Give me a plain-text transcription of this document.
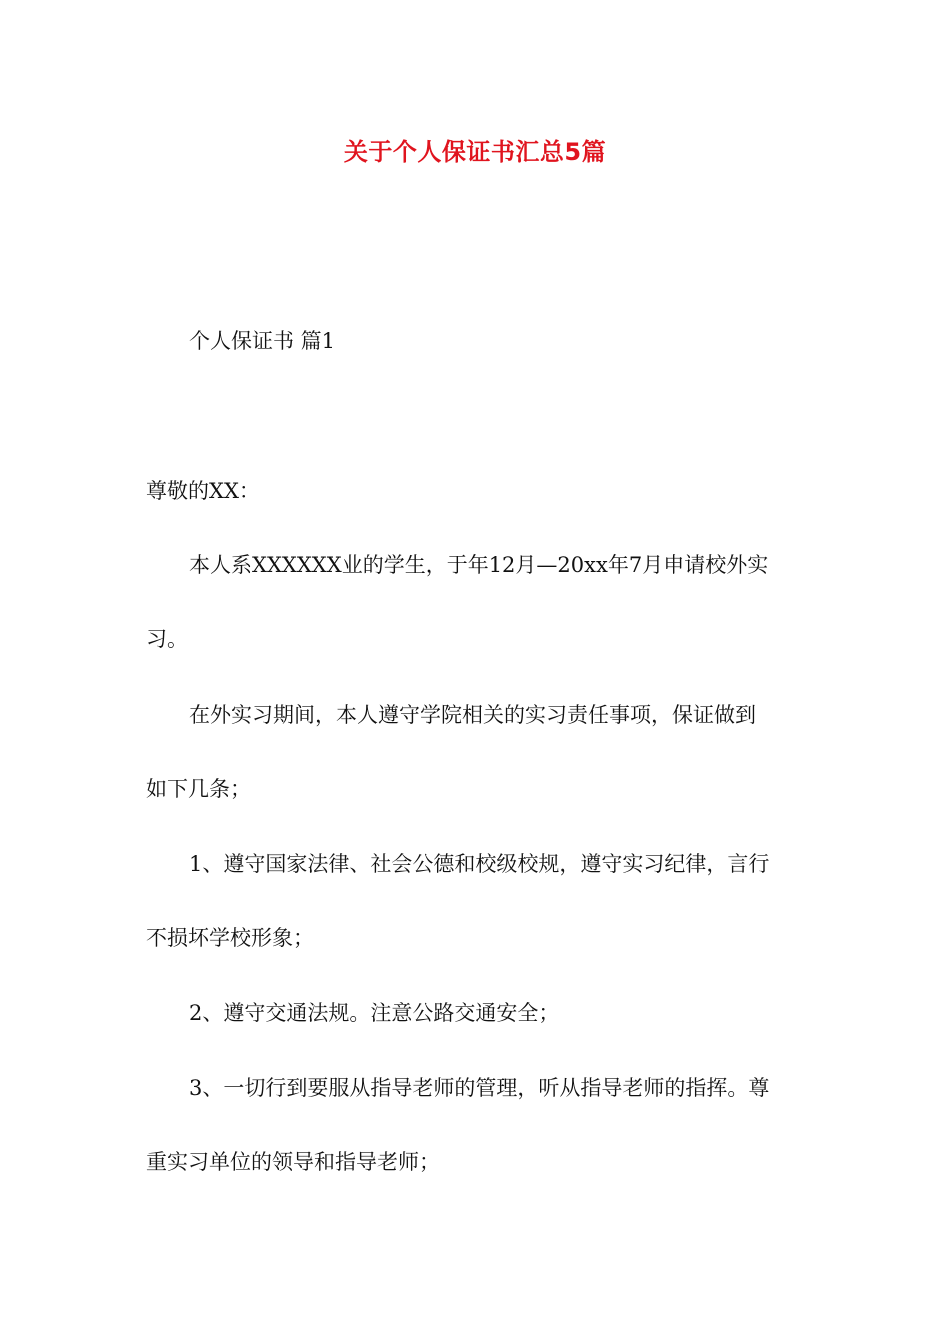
关于个人保证书汇总5篇
个人保证书 篇1
尊敬的XX：
本人系XXXXXX业的学生，于年12月—20xx年7月申请校外实
习。
在外实习期间，本人遵守学院相关的实习责任事项，保证做到
如下几条；
1、遵守国家法律、社会公德和校级校规，遵守实习纪律，言行
不损坏学校形象；
2、遵守交通法规。注意公路交通安全；
3、一切行到要服从指导老师的管理，听从指导老师的指挥。尊
重实习单位的领导和指导老师；
